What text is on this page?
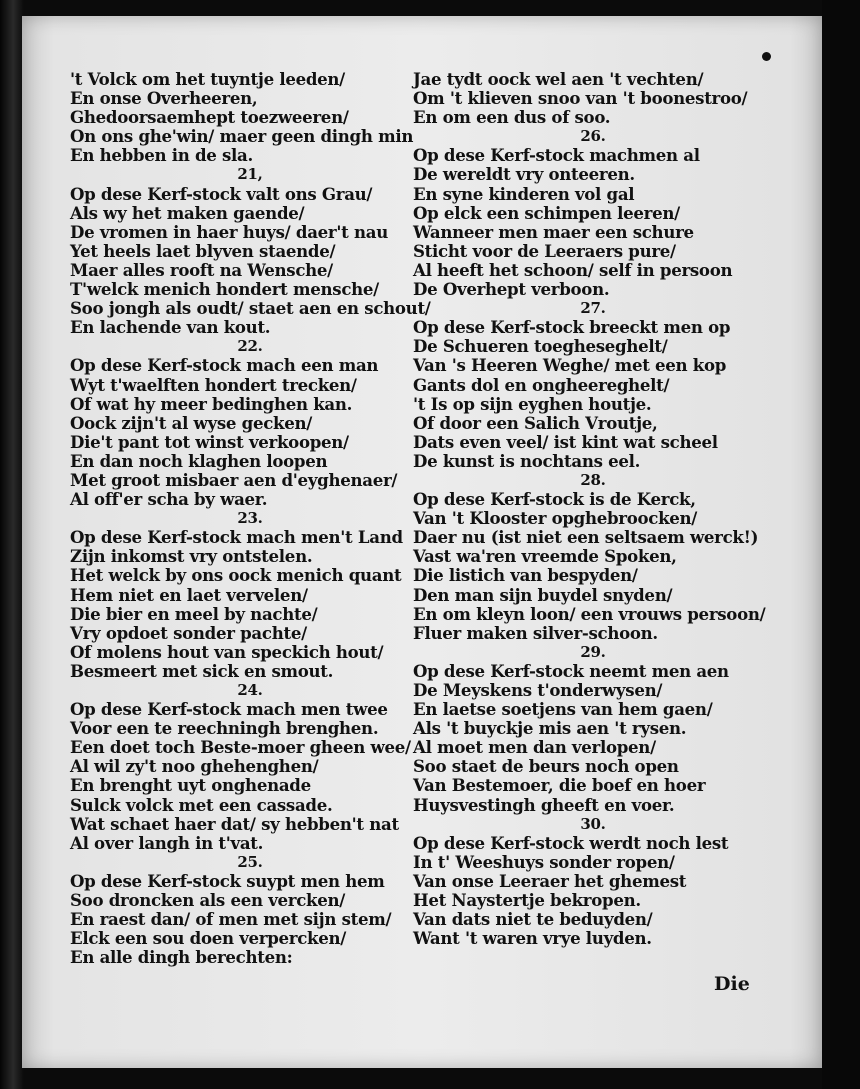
't Volck om het tuyntje leeden/
En onse Overheeren,
Ghedoorsaemhept toezweeren/
On ons ghe'win/ maer geen dingh min
En hebben in de sla.
21,
Op dese Kerf-stock valt ons Grau/
Als wy het maken gaende/
De vromen in haer huys/ daer't nau
Yet heels laet blyven staende/
Maer alles rooft na Wensche/
T'welck menich hondert mensche/
Soo jongh als oudt/ staet aen en schout/
En lachende van kout.
22.
Op dese Kerf-stock mach een man
Wyt t'waelften hondert trecken/
Of wat hy meer bedinghen kan.
Oock zijn't al wyse gecken/
Die't pant tot winst verkoopen/
En dan noch klaghen loopen
Met groot misbaer aen d'eyghenaer/
Al off'er scha by waer.
23.
Op dese Kerf-stock mach men't Land
Zijn inkomst vry ontstelen.
Het welck by ons oock menich quant
Hem niet en laet vervelen/
Die bier en meel by nachte/
Vry opdoet sonder pachte/
Of molens hout van speckich hout/
Besmeert met sick en smout.
24.
Op dese Kerf-stock mach men twee
Voor een te reechningh brenghen.
Een doet toch Beste-moer gheen wee/
Al wil zy't noo ghehenghen/
En brenght uyt onghenade
Sulck volck met een cassade.
Wat schaet haer dat/ sy hebben't nat
Al over langh in t'vat.
25.
Op dese Kerf-stock suypt men hem
Soo droncken als een vercken/
En raest dan/ of men met sijn stem/
Elck een sou doen verpercken/
En alle dingh berechten:
Jae tydt oock wel aen 't vechten/
Om 't klieven snoo van 't boonestroo/
En om een dus of soo.
26.
Op dese Kerf-stock machmen al
De wereldt vry onteeren.
En syne kinderen vol gal
Op elck een schimpen leeren/
Wanneer men maer een schure
Sticht voor de Leeraers pure/
Al heeft het schoon/ self in persoon
De Overhept verboon.
27.
Op dese Kerf-stock breeckt men op
De Schueren toegheseghelt/
Van 's Heeren Weghe/ met een kop
Gants dol en ongheereghelt/
't Is op sijn eyghen houtje.
Of door een Salich Vroutje,
Dats even veel/ ist kint wat scheel
De kunst is nochtans eel.
28.
Op dese Kerf-stock is de Kerck,
Van 't Klooster opghebroocken/
Daer nu (ist niet een seltsaem werck!)
Vast wa'ren vreemde Spoken,
Die listich van bespyden/
Den man sijn buydel snyden/
En om kleyn loon/ een vrouws persoon/
Fluer maken silver-schoon.
29.
Op dese Kerf-stock neemt men aen
De Meyskens t'onderwysen/
En laetse soetjens van hem gaen/
Als 't buyckje mis aen 't rysen.
Al moet men dan verlopen/
Soo staet de beurs noch open
Van Bestemoer, die boef en hoer
Huysvestingh gheeft en voer.
30.
Op dese Kerf-stock werdt noch lest
In t' Weeshuys sonder ropen/
Van onse Leeraer het ghemest
Het Naystertje bekropen.
Van dats niet te beduyden/
Want 't waren vrye luyden.
Die
